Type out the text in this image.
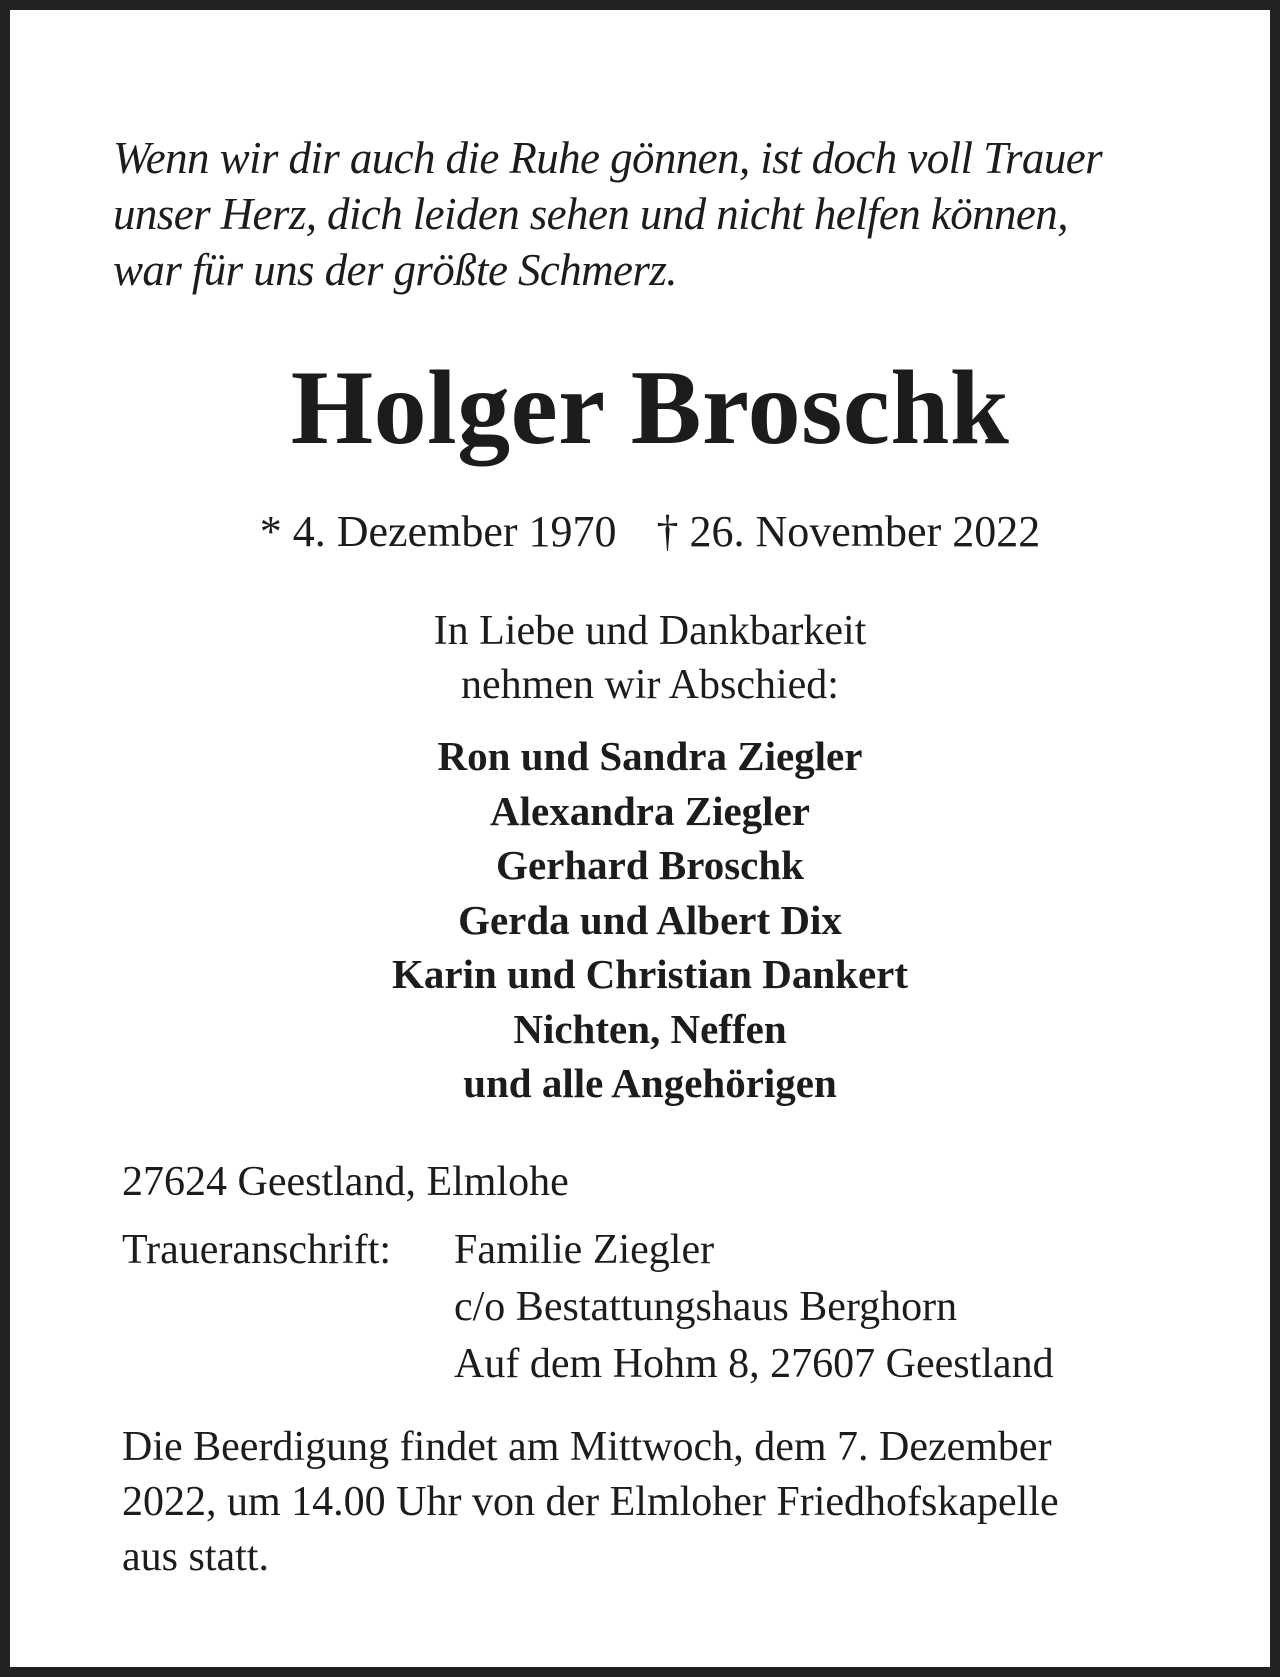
Wenn wir dir auch die Ruhe gönnen, ist doch voll Trauer
unser Herz, dich leiden sehen und nicht helfen können,
war für uns der größte Schmerz.
Holger Broschk
* 4. Dezember 1970 † 26. November 2022
In Liebe und Dankbarkeit
nehmen wir Abschied:
Ron und Sandra Ziegler
Alexandra Ziegler
Gerhard Broschk
Gerda und Albert Dix
Karin und Christian Dankert
Nichten, Neffen
und alle Angehörigen
27624 Geestland, Elmlohe
Traueranschrift:	Familie Ziegler
c/o Bestattungshaus Berghorn
Auf dem Hohm 8, 27607 Geestland
Die Beerdigung findet am Mittwoch, dem 7. Dezember
2022, um 14.00 Uhr von der Elmloher Friedhofskapelle
aus statt.
